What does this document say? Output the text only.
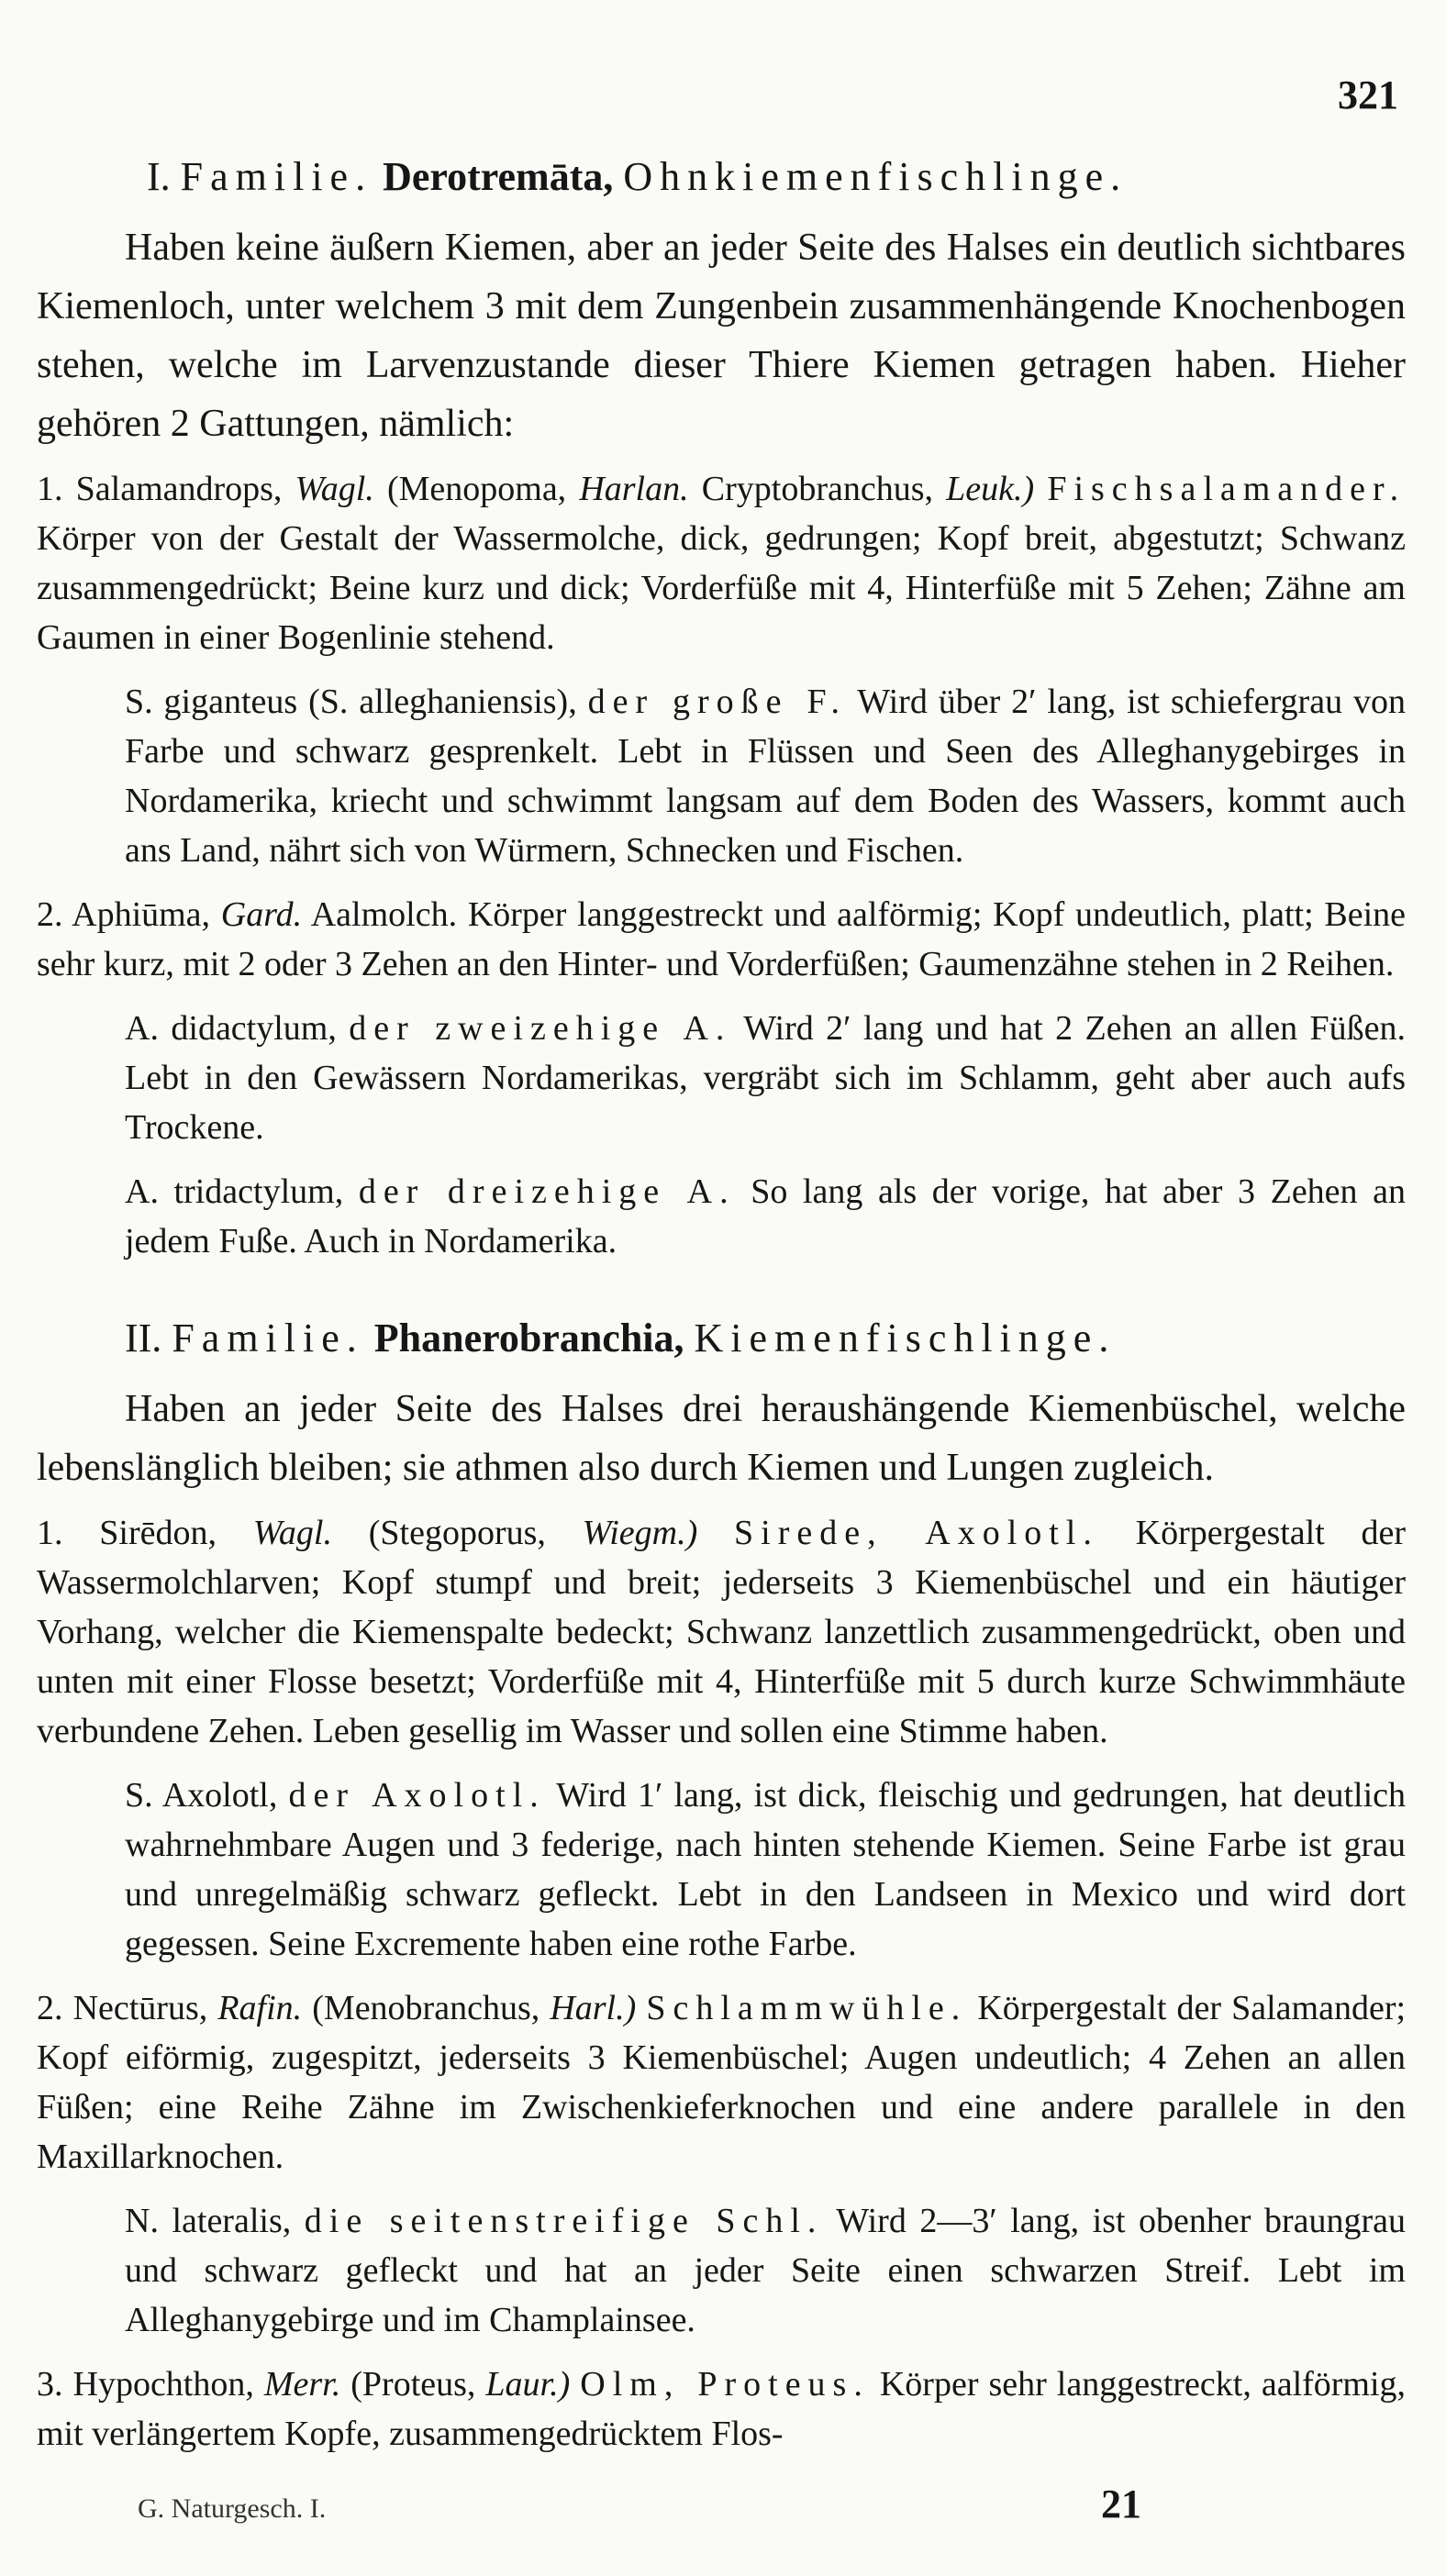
321
I. Familie. Derotremāta, Ohnkiemenfischlinge.

Haben keine äußern Kiemen, aber an jeder Seite des Halses ein deutlich sichtbares Kiemenloch, unter welchem 3 mit dem Zungenbein zusammenhängende Knochenbogen stehen, welche im Larvenzustande dieser Thiere Kiemen getragen haben. Hieher gehören 2 Gattungen, nämlich:

1. Salamandrops, Wagl. (Menopoma, Harlan. Cryptobranchus, Leuk.) Fischsalamander. Körper von der Gestalt der Wassermolche, dick, gedrungen; Kopf breit, abgestutzt; Schwanz zusammengedrückt; Beine kurz und dick; Vorderfüße mit 4, Hinterfüße mit 5 Zehen; Zähne am Gaumen in einer Bogenlinie stehend.

S. giganteus (S. alleghaniensis), der große F. Wird über 2′ lang, ist schiefergrau von Farbe und schwarz gesprenkelt. Lebt in Flüssen und Seen des Alleghanygebirges in Nordamerika, kriecht und schwimmt langsam auf dem Boden des Wassers, kommt auch ans Land, nährt sich von Würmern, Schnecken und Fischen.

2. Aphiūma, Gard. Aalmolch. Körper langgestreckt und aalförmig; Kopf undeutlich, platt; Beine sehr kurz, mit 2 oder 3 Zehen an den Hinter- und Vorderfüßen; Gaumenzähne stehen in 2 Reihen.

A. didactylum, der zweizehige A. Wird 2′ lang und hat 2 Zehen an allen Füßen. Lebt in den Gewässern Nordamerikas, vergräbt sich im Schlamm, geht aber auch aufs Trockene.

A. tridactylum, der dreizehige A. So lang als der vorige, hat aber 3 Zehen an jedem Fuße. Auch in Nordamerika.

II. Familie. Phanerobranchia, Kiemenfischlinge.

Haben an jeder Seite des Halses drei heraushängende Kiemenbüschel, welche lebenslänglich bleiben; sie athmen also durch Kiemen und Lungen zugleich.

1. Sirēdon, Wagl. (Stegoporus, Wiegm.) Sirede, Axolotl. Körpergestalt der Wassermolchlarven; Kopf stumpf und breit; jederseits 3 Kiemenbüschel und ein häutiger Vorhang, welcher die Kiemenspalte bedeckt; Schwanz lanzettlich zusammengedrückt, oben und unten mit einer Flosse besetzt; Vorderfüße mit 4, Hinterfüße mit 5 durch kurze Schwimmhäute verbundene Zehen. Leben gesellig im Wasser und sollen eine Stimme haben.

S. Axolotl, der Axolotl. Wird 1′ lang, ist dick, fleischig und gedrungen, hat deutlich wahrnehmbare Augen und 3 federige, nach hinten stehende Kiemen. Seine Farbe ist grau und unregelmäßig schwarz gefleckt. Lebt in den Landseen in Mexico und wird dort gegessen. Seine Excremente haben eine rothe Farbe.

2. Nectūrus, Rafin. (Menobranchus, Harl.) Schlammwühle. Körpergestalt der Salamander; Kopf eiförmig, zugespitzt, jederseits 3 Kiemenbüschel; Augen undeutlich; 4 Zehen an allen Füßen; eine Reihe Zähne im Zwischenkieferknochen und eine andere parallele in den Maxillarknochen.

N. lateralis, die seitenstreifige Schl. Wird 2—3′ lang, ist obenher braungrau und schwarz gefleckt und hat an jeder Seite einen schwarzen Streif. Lebt im Alleghanygebirge und im Champlainsee.

3. Hypochthon, Merr. (Proteus, Laur.) Olm, Proteus. Körper sehr langgestreckt, aalförmig, mit verlängertem Kopfe, zusammengedrücktem Flos-

G. Naturgesch. I.	21
